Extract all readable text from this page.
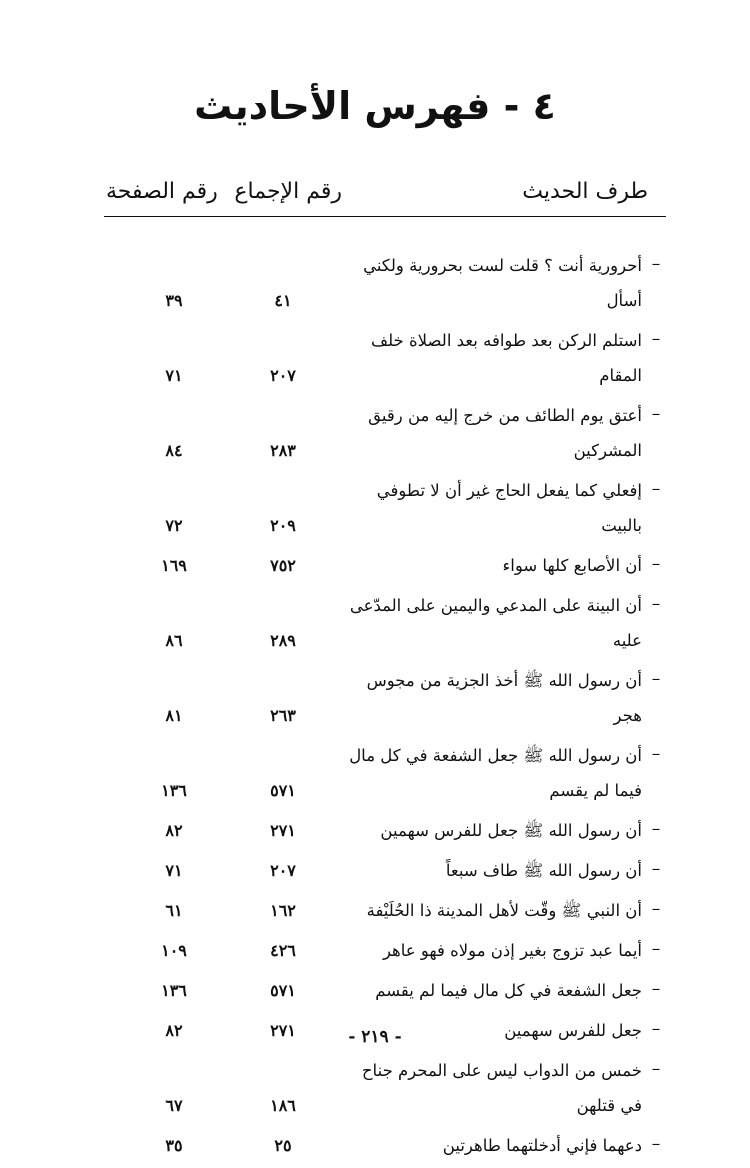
٤ - فهرس الأحاديث
طرف الحديث
رقم الإجماع
رقم الصفحة
–
أحرورية أنت ؟ قلت لست بحرورية ولكني أسأل
٤١
٣٩
–
استلم الركن بعد طوافه بعد الصلاة خلف المقام
٢٠٧
٧١
–
أعتق يوم الطائف من خرج إليه من رقيق المشركين
٢٨٣
٨٤
–
إفعلي كما يفعل الحاج غير أن لا تطوفي بالبيت
٢٠٩
٧٢
–
أن الأصابع كلها سواء
٧٥٢
١٦٩
–
أن البينة على المدعي واليمين على المدّعى عليه
٢٨٩
٨٦
–
أن رسول الله ﷺ أخذ الجزية من مجوس هجر
٢٦٣
٨١
–
أن رسول الله ﷺ جعل الشفعة في كل مال فيما لم يقسم
٥٧١
١٣٦
–
أن رسول الله ﷺ جعل للفرس سهمين
٢٧١
٨٢
–
أن رسول الله ﷺ طاف سبعاً
٢٠٧
٧١
–
أن النبي ﷺ وقّت لأهل المدينة ذا الحُلَيْفة
١٦٢
٦١
–
أيما عبد تزوج بغير إذن مولاه فهو عاهر
٤٢٦
١٠٩
–
جعل الشفعة في كل مال فيما لم يقسم
٥٧١
١٣٦
–
جعل للفرس سهمين
٢٧١
٨٢
–
خمس من الدواب ليس على المحرم جناح في قتلهن
١٨٦
٦٧
–
دعهما فإني أدخلتهما طاهرتين
٢٥
٣٥
- ٢١٩ -
